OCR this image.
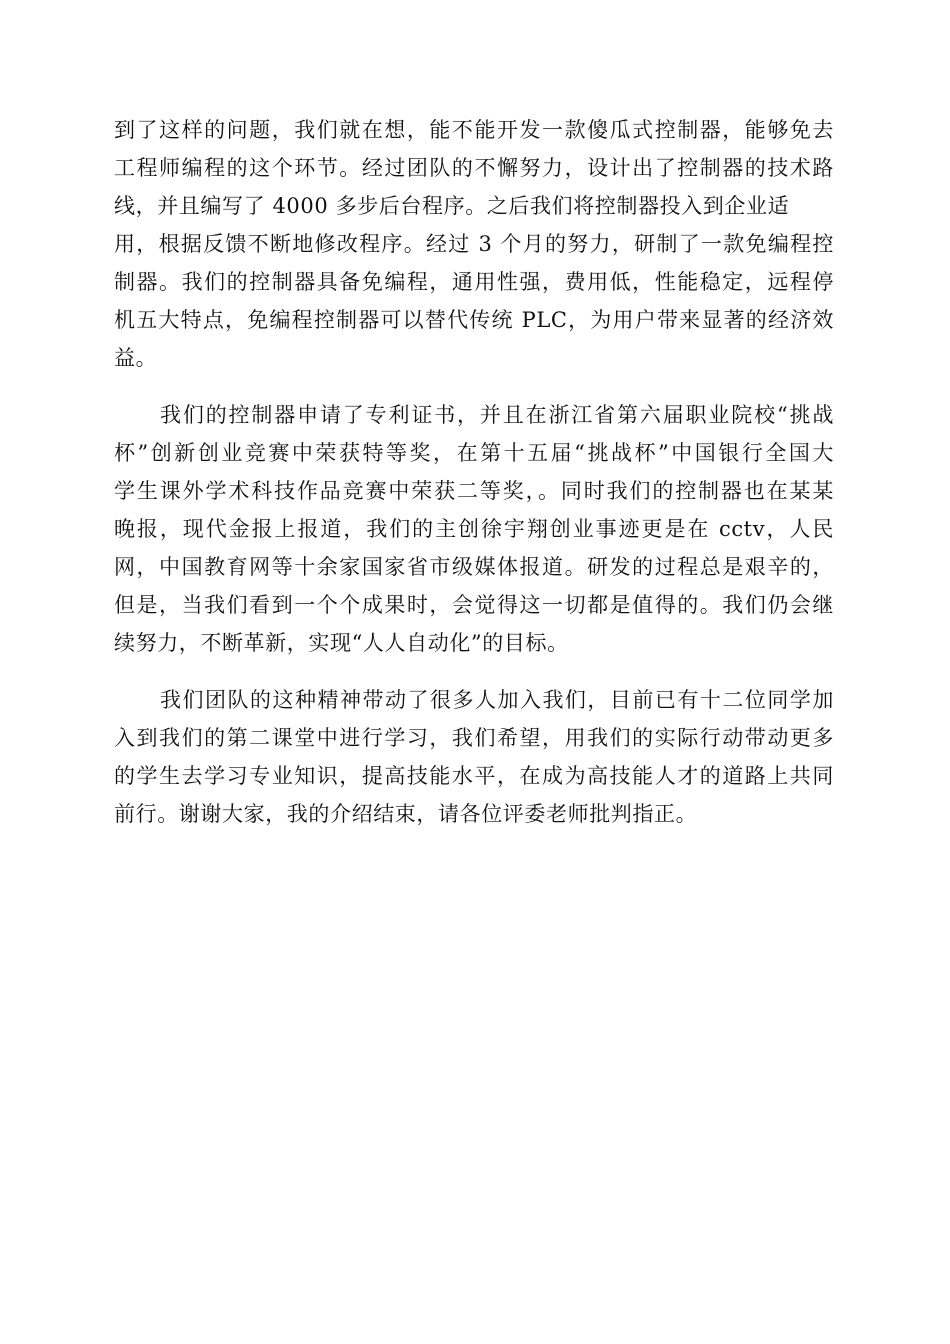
到了这样的问题，我们就在想，能不能开发一款傻瓜式控制器，能够免去
工程师编程的这个环节。经过团队的不懈努力，设计出了控制器的技术路
线，并且编写了 4000 多步后台程序。之后我们将控制器投入到企业适
用，根据反馈不断地修改程序。经过 3 个月的努力，研制了一款免编程控
制器。我们的控制器具备免编程，通用性强，费用低，性能稳定，远程停
机五大特点，免编程控制器可以替代传统 PLC，为用户带来显著的经济效
益。
我们的控制器申请了专利证书，并且在浙江省第六届职业院校“挑战
杯”创新创业竞赛中荣获特等奖，在第十五届“挑战杯”中国银行全国大
学生课外学术科技作品竞赛中荣获二等奖，。同时我们的控制器也在某某
晚报，现代金报上报道，我们的主创徐宇翔创业事迹更是在 cctv，人民
网，中国教育网等十余家国家省市级媒体报道。研发的过程总是艰辛的，
但是，当我们看到一个个成果时，会觉得这一切都是值得的。我们仍会继
续努力，不断革新，实现“人人自动化”的目标。
我们团队的这种精神带动了很多人加入我们，目前已有十二位同学加
入到我们的第二课堂中进行学习，我们希望，用我们的实际行动带动更多
的学生去学习专业知识，提高技能水平，在成为高技能人才的道路上共同
前行。谢谢大家，我的介绍结束，请各位评委老师批判指正。
